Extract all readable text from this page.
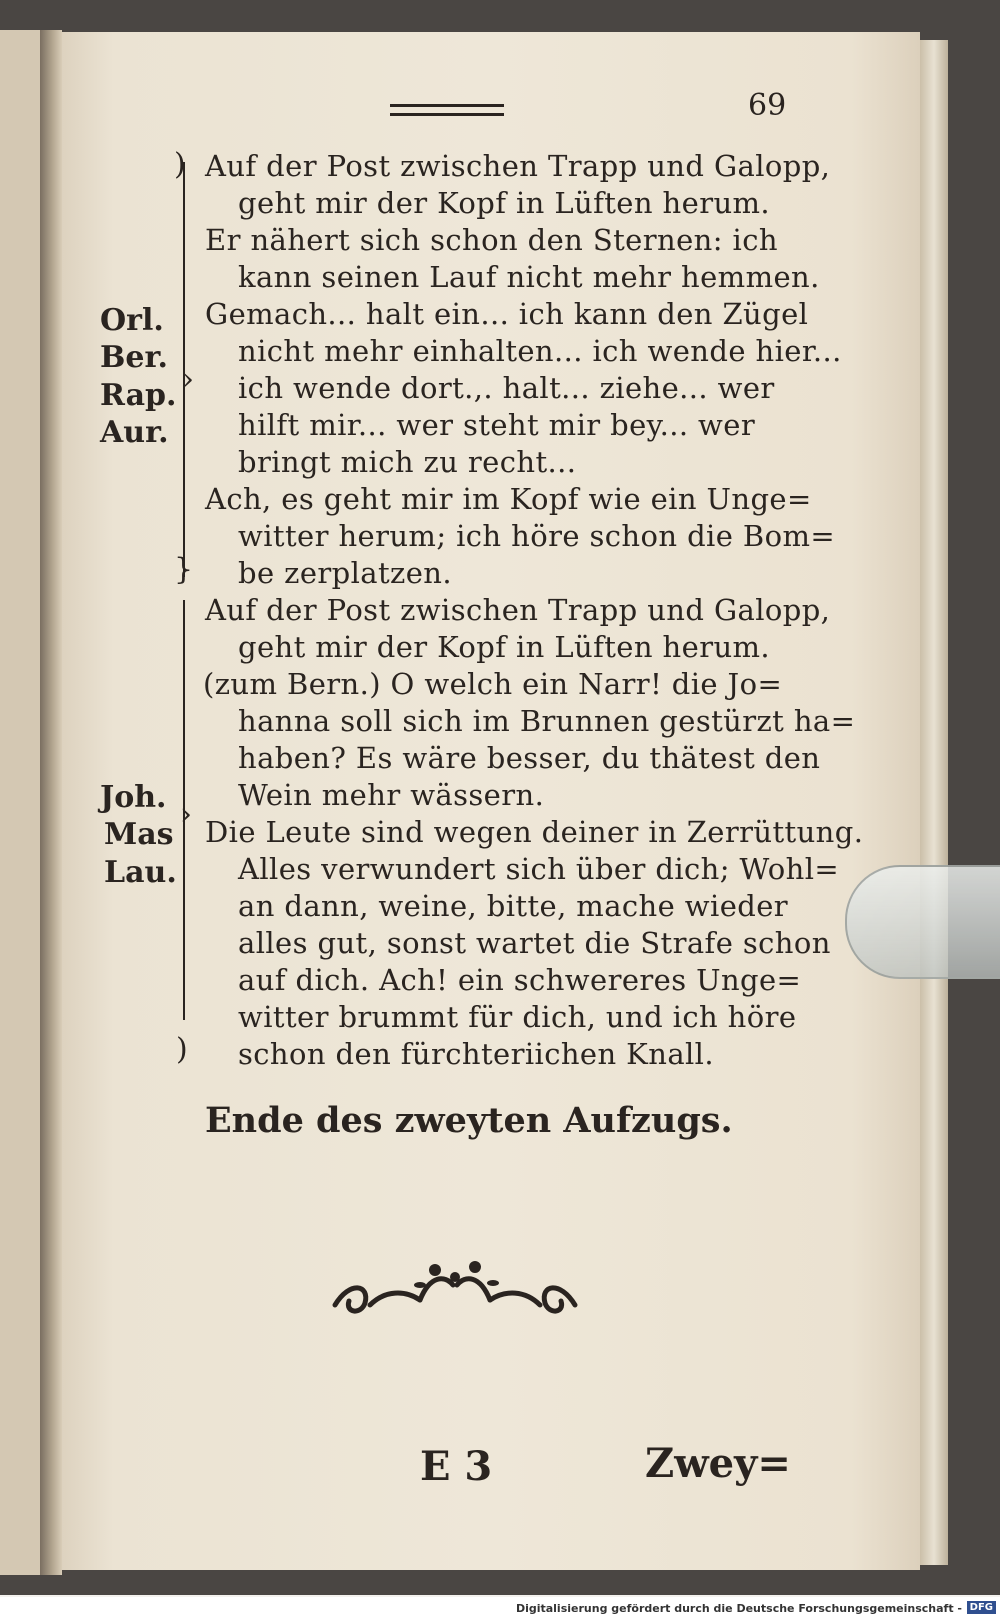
69
)
›
}
›
)
Orl.
Ber.
Rap.
Aur.
Joh.
Mas
Lau.
Auf der Post zwischen Trapp und Galopp,
geht mir der Kopf in Lüften herum.
Er nähert sich schon den Sternen: ich
kann seinen Lauf nicht mehr hemmen.
Gemach... halt ein... ich kann den Zügel
nicht mehr einhalten... ich wende hier...
ich wende dort.,. halt... ziehe... wer
hilft mir... wer steht mir bey... wer
bringt mich zu recht...
Ach, es geht mir im Kopf wie ein Unge=
witter herum; ich höre schon die Bom=
be zerplatzen.
Auf der Post zwischen Trapp und Galopp,
geht mir der Kopf in Lüften herum.
(zum Bern.) O welch ein Narr! die Jo=
hanna soll sich im Brunnen gestürzt ha=
haben? Es wäre besser, du thätest den
Wein mehr wässern.
Die Leute sind wegen deiner in Zerrüttung.
Alles verwundert sich über dich; Wohl=
an dann, weine, bitte, mache wieder
alles gut, sonst wartet die Strafe schon
auf dich. Ach! ein schwereres Unge=
witter brummt für dich, und ich höre
schon den fürchteriichen Knall.
Ende des zweyten Aufzugs.
E 3	Zwey=
Digitalisierung gefördert durch die Deutsche Forschungsgemeinschaft - DFG
